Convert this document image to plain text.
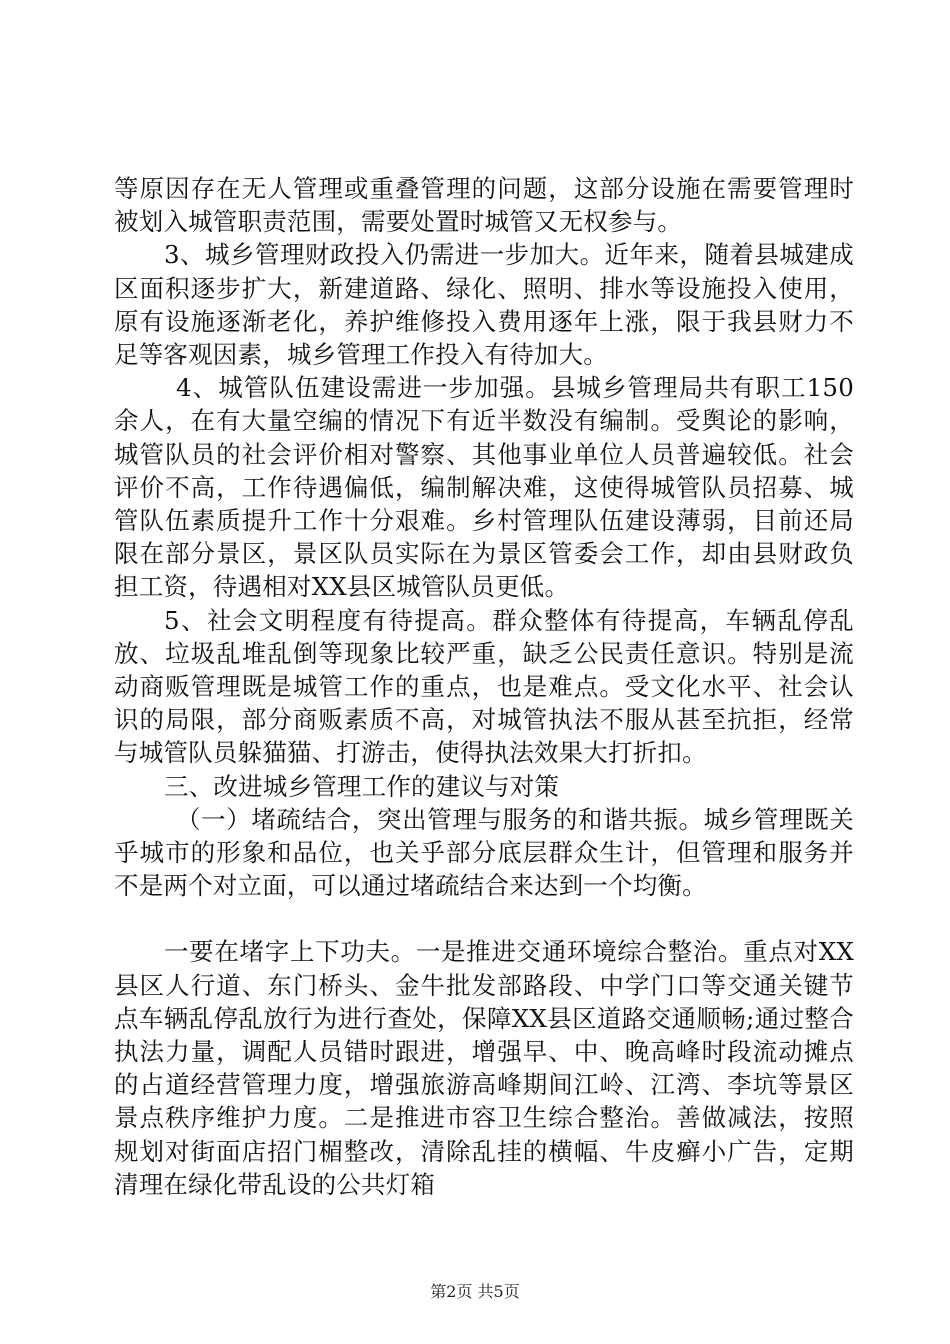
等原因存在无人管理或重叠管理的问题，这部分设施在需要管理时被划入城管职责范围，需要处置时城管又无权参与。

3、城乡管理财政投入仍需进一步加大。近年来，随着县城建成区面积逐步扩大，新建道路、绿化、照明、排水等设施投入使用，原有设施逐渐老化，养护维修投入费用逐年上涨，限于我县财力不足等客观因素，城乡管理工作投入有待加大。

4、城管队伍建设需进一步加强。县城乡管理局共有职工150余人，在有大量空编的情况下有近半数没有编制。受舆论的影响，城管队员的社会评价相对警察、其他事业单位人员普遍较低。社会评价不高，工作待遇偏低，编制解决难，这使得城管队员招募、城管队伍素质提升工作十分艰难。乡村管理队伍建设薄弱，目前还局限在部分景区，景区队员实际在为景区管委会工作，却由县财政负担工资，待遇相对XX县区城管队员更低。

5、社会文明程度有待提高。群众整体有待提高，车辆乱停乱放、垃圾乱堆乱倒等现象比较严重，缺乏公民责任意识。特别是流动商贩管理既是城管工作的重点，也是难点。受文化水平、社会认识的局限，部分商贩素质不高，对城管执法不服从甚至抗拒，经常与城管队员躲猫猫、打游击，使得执法效果大打折扣。

三、改进城乡管理工作的建议与对策

（一）堵疏结合，突出管理与服务的和谐共振。城乡管理既关乎城市的形象和品位，也关乎部分底层群众生计，但管理和服务并不是两个对立面，可以通过堵疏结合来达到一个均衡。

一要在堵字上下功夫。一是推进交通环境综合整治。重点对XX县区人行道、东门桥头、金牛批发部路段、中学门口等交通关键节点车辆乱停乱放行为进行查处，保障XX县区道路交通顺畅;通过整合执法力量，调配人员错时跟进，增强早、中、晚高峰时段流动摊点的占道经营管理力度，增强旅游高峰期间江岭、江湾、李坑等景区景点秩序维护力度。二是推进市容卫生综合整治。善做减法，按照规划对街面店招门楣整改，清除乱挂的横幅、牛皮癣小广告，定期清理在绿化带乱设的公共灯箱

第2页 共5页
